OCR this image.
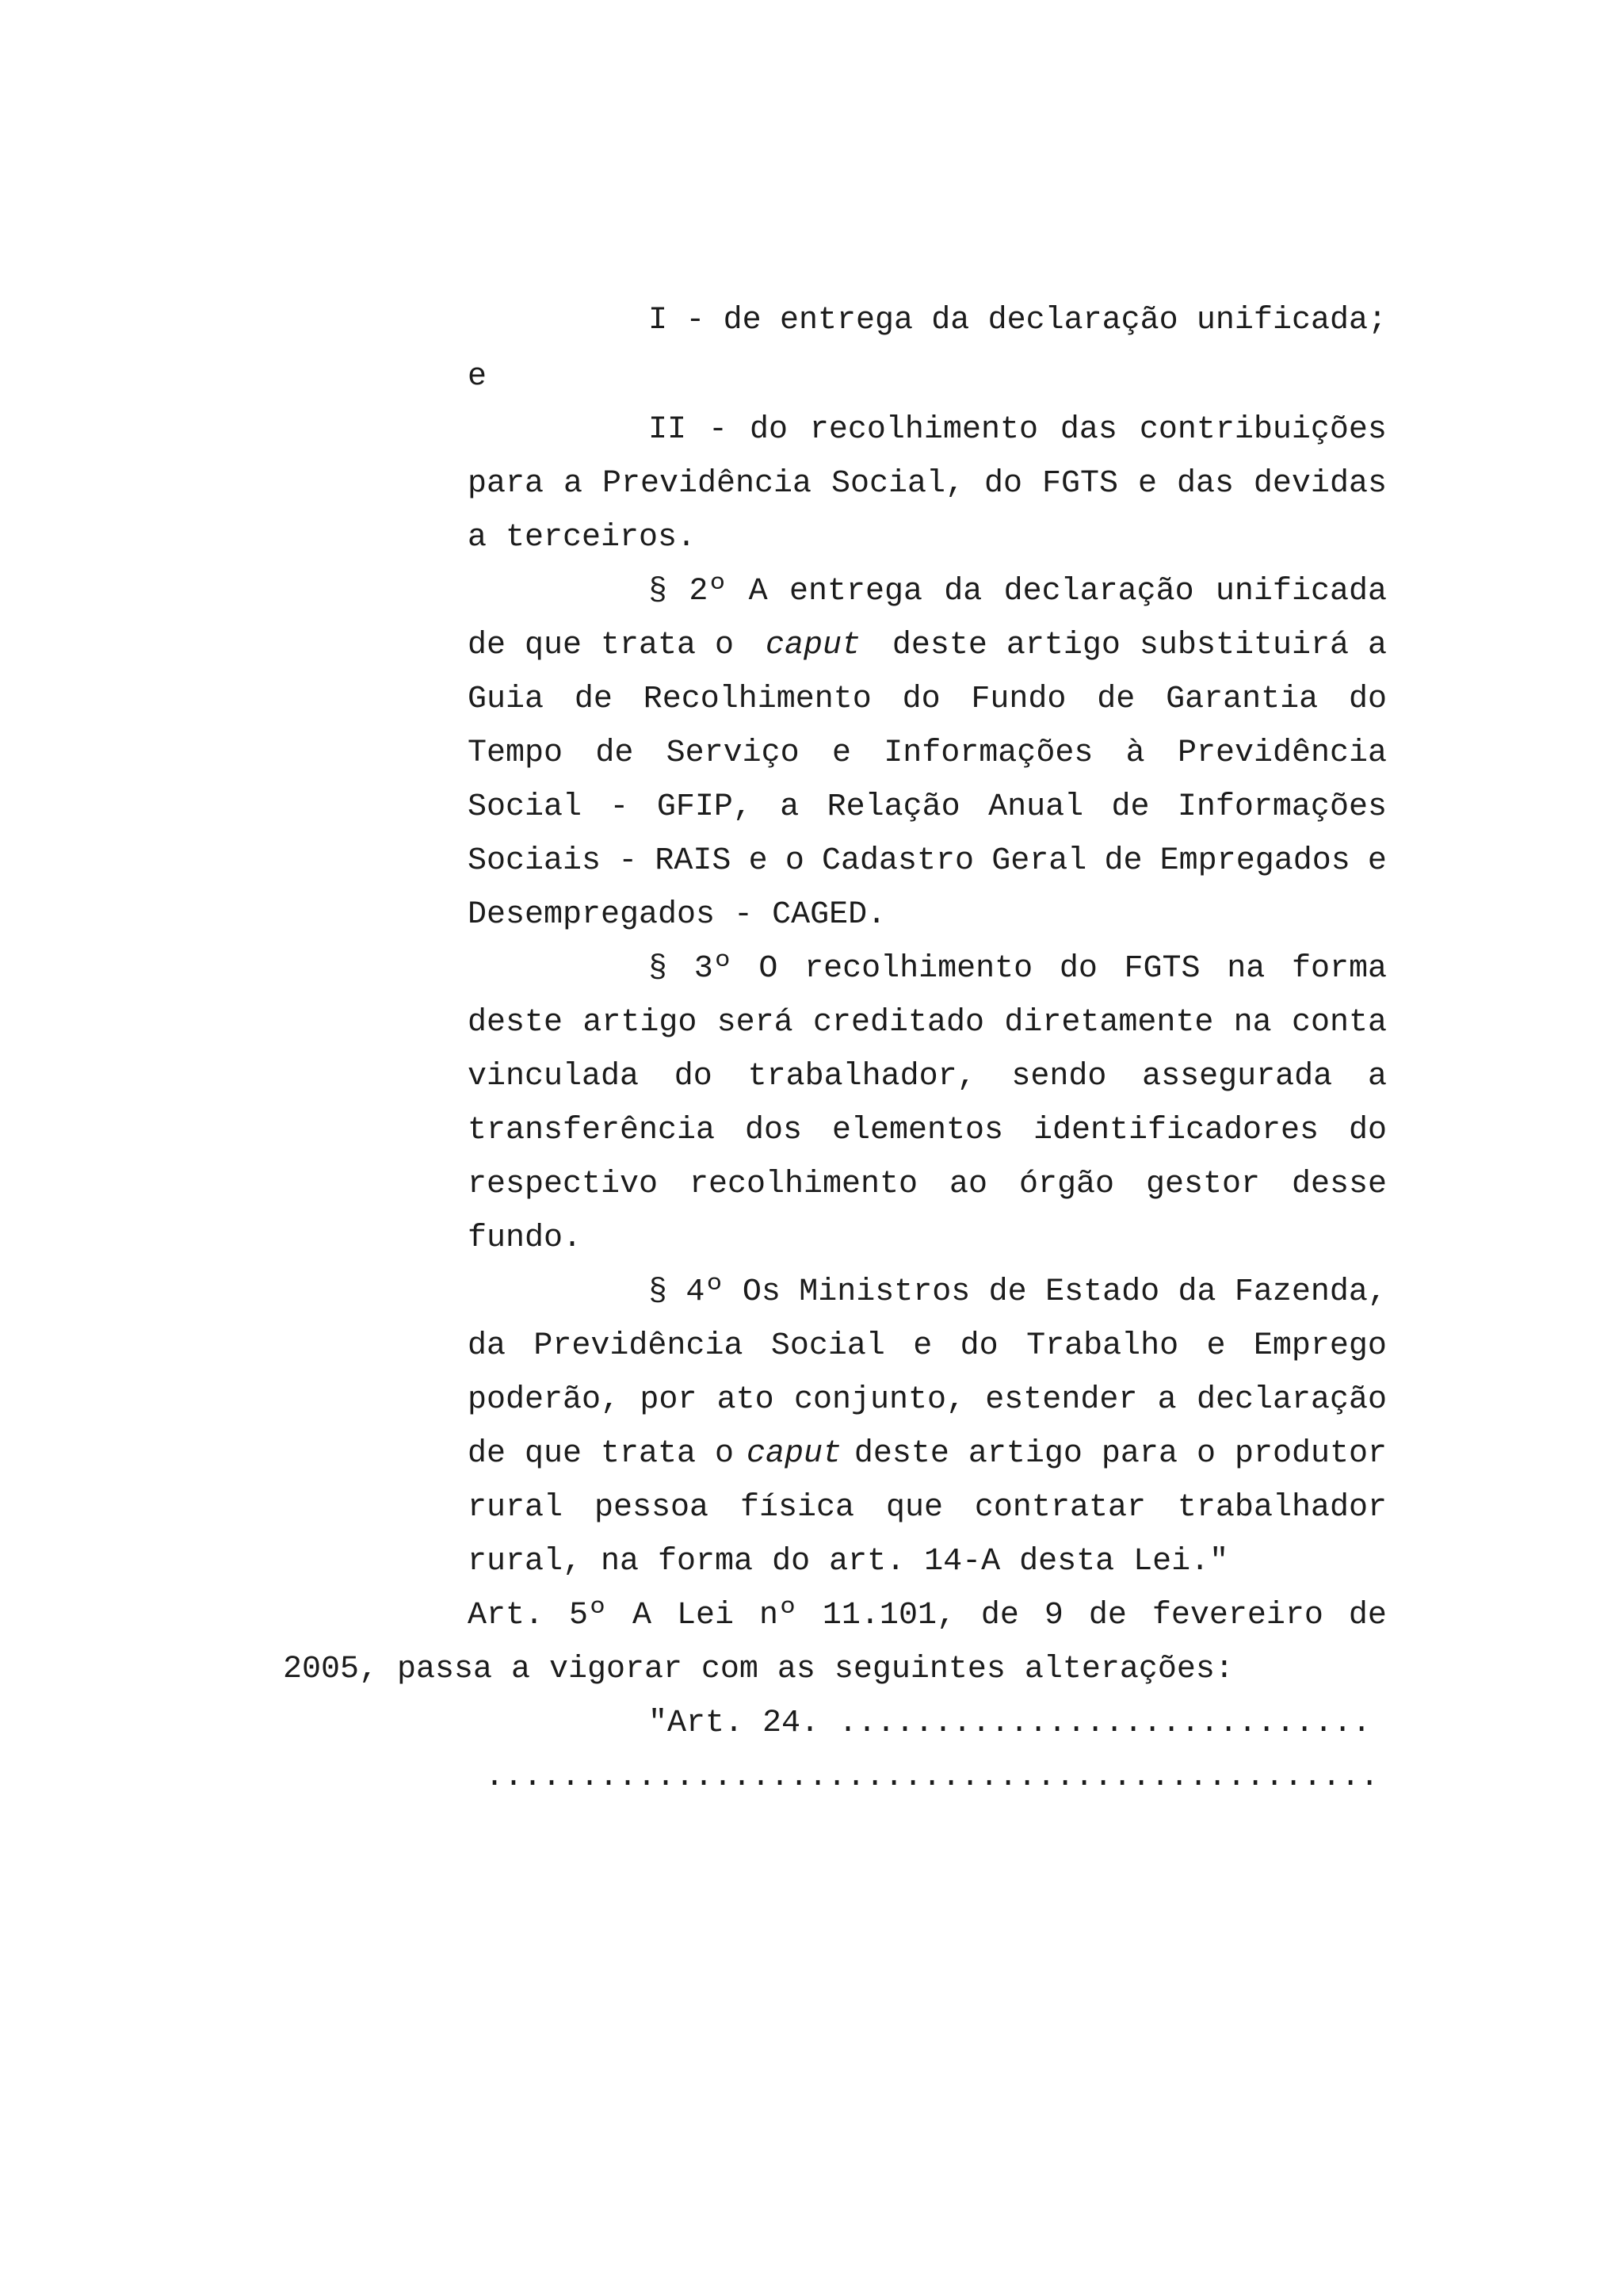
I - de entrega da declaração unificada;
e
II - do recolhimento das contribuições
para a Previdência Social, do FGTS e das devidas
a terceiros.
§ 2º A entrega da declaração unificada
de que trata o caput deste artigo substituirá a
Guia de Recolhimento do Fundo de Garantia do
Tempo de Serviço e Informações à Previdência
Social - GFIP, a Relação Anual de Informações
Sociais - RAIS e o Cadastro Geral de Empregados e
Desempregados - CAGED.
§ 3º O recolhimento do FGTS na forma
deste artigo será creditado diretamente na conta
vinculada do trabalhador, sendo assegurada a
transferência dos elementos identificadores do
respectivo recolhimento ao órgão gestor desse
fundo.
§ 4º Os Ministros de Estado da Fazenda,
da Previdência Social e do Trabalho e Emprego
poderão, por ato conjunto, estender a declaração
de que trata o caput deste artigo para o produtor
rural pessoa física que contratar trabalhador
rural, na forma do art. 14-A desta Lei."
Art. 5º A Lei nº 11.101, de 9 de fevereiro de
2005, passa a vigorar com as seguintes alterações:
"Art. 24. ............................
...............................................
